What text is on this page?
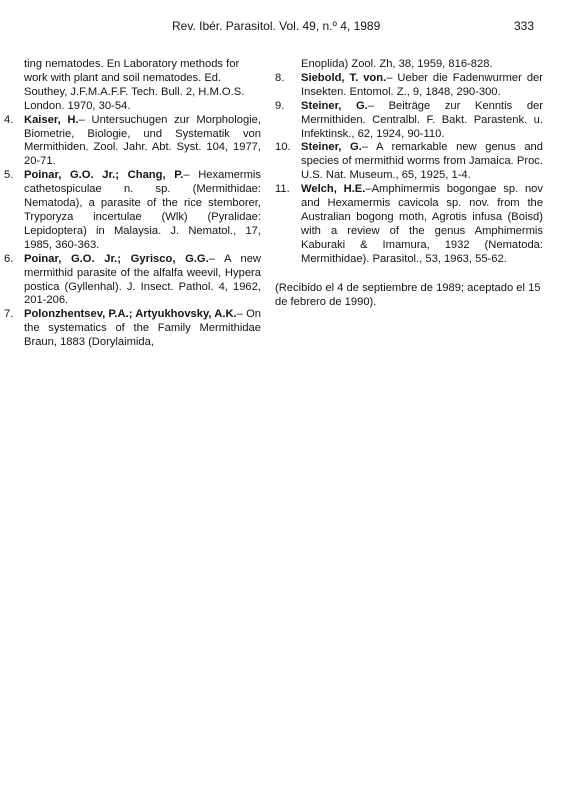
Rev. Ibér. Parasitol. Vol. 49, n.º 4, 1989	333

ting nematodes. En Laboratory methods for work with plant and soil nematodes. Ed. Southey, J.F.M.A.F.F. Tech. Bull. 2, H.M.O.S. London. 1970, 30-54.

4. Kaiser, H.– Untersuchugen zur Morphologie, Biometrie, Biologie, und Systematik von Mermithiden. Zool. Jahr. Abt. Syst. 104, 1977, 20-71.
5. Poinar, G.O. Jr.; Chang, P.– Hexamermis cathetospiculae n. sp. (Mermithidae: Nematoda), a parasite of the rice stemborer, Tryporyza incertulae (Wlk) (Pyralidae: Lepidoptera) in Malaysia. J. Nematol., 17, 1985, 360-363.
6. Poinar, G.O. Jr.; Gyrisco, G.G.– A new mermithid parasite of the alfalfa weevil, Hypera postica (Gyllenhal). J. Insect. Pathol. 4, 1962, 201-206.
7. Polonzhentsev, P.A.; Artyukhovsky, A.K.– On the systematics of the Family Mermithidae Braun, 1883 (Dorylaimida,

Enoplida) Zool. Zh, 38, 1959, 816-828.

8. Siebold, T. von.– Ueber die Fadenwurmer der Insekten. Entomol. Z., 9, 1848, 290-300.
9. Steiner, G.– Beiträge zur Kenntis der Mermithiden. Centralbl. F. Bakt. Parastenk. u. Infektinsk., 62, 1924, 90-110.
10. Steiner, G.– A remarkable new genus and species of mermithid worms from Jamaica. Proc. U.S. Nat. Museum., 65, 1925, 1-4.
11. Welch, H.E.–Amphimermis bogongae sp. nov and Hexamermis cavicola sp. nov. from the Australian bogong moth, Agrotis infusa (Boisd) with a review of the genus Amphimermis Kaburaki & Imamura, 1932 (Nematoda: Mermithidae). Parasitol., 53, 1963, 55-62.

(Recibido el 4 de septiembre de 1989; aceptado el 15 de febrero de 1990).
